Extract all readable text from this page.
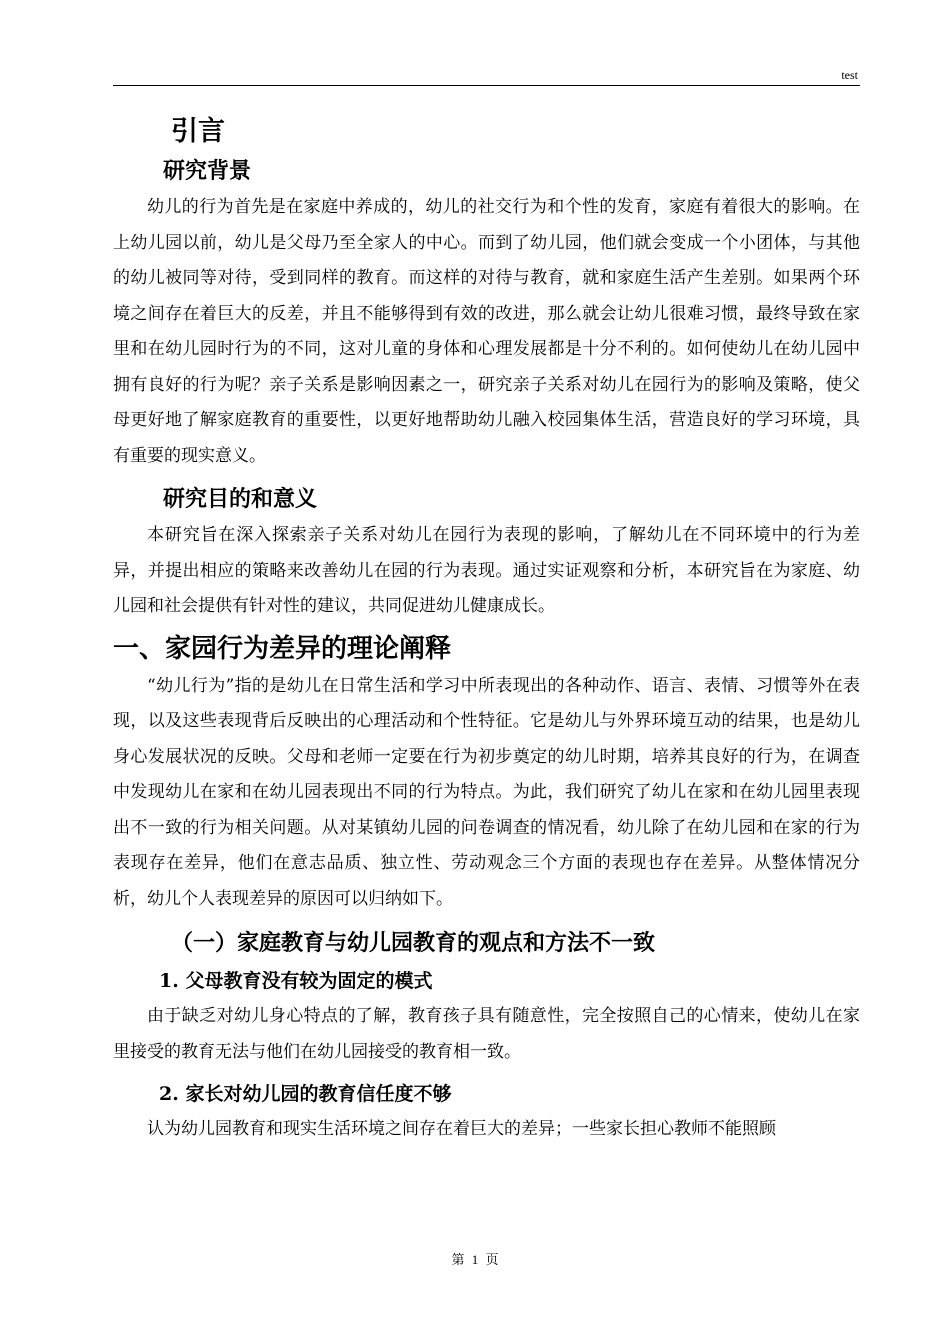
test
引言
研究背景

幼儿的行为首先是在家庭中养成的，幼儿的社交行为和个性的发育，家庭有着很大的影响。在上幼儿园以前，幼儿是父母乃至全家人的中心。而到了幼儿园，他们就会变成一个小团体，与其他的幼儿被同等对待，受到同样的教育。而这样的对待与教育，就和家庭生活产生差别。如果两个环境之间存在着巨大的反差，并且不能够得到有效的改进，那么就会让幼儿很难习惯，最终导致在家里和在幼儿园时行为的不同，这对儿童的身体和心理发展都是十分不利的。如何使幼儿在幼儿园中拥有良好的行为呢？亲子关系是影响因素之一，研究亲子关系对幼儿在园行为的影响及策略，使父母更好地了解家庭教育的重要性，以更好地帮助幼儿融入校园集体生活，营造良好的学习环境，具有重要的现实意义。

研究目的和意义

本研究旨在深入探索亲子关系对幼儿在园行为表现的影响，了解幼儿在不同环境中的行为差异，并提出相应的策略来改善幼儿在园的行为表现。通过实证观察和分析，本研究旨在为家庭、幼儿园和社会提供有针对性的建议，共同促进幼儿健康成长。

一、家园行为差异的理论阐释

“幼儿行为”指的是幼儿在日常生活和学习中所表现出的各种动作、语言、表情、习惯等外在表现，以及这些表现背后反映出的心理活动和个性特征。它是幼儿与外界环境互动的结果，也是幼儿身心发展状况的反映。父母和老师一定要在行为初步奠定的幼儿时期，培养其良好的行为，在调查中发现幼儿在家和在幼儿园表现出不同的行为特点。为此，我们研究了幼儿在家和在幼儿园里表现出不一致的行为相关问题。从对某镇幼儿园的问卷调查的情况看，幼儿除了在幼儿园和在家的行为表现存在差异，他们在意志品质、独立性、劳动观念三个方面的表现也存在差异。从整体情况分析，幼儿个人表现差异的原因可以归纳如下。

（一）家庭教育与幼儿园教育的观点和方法不一致
1. 父母教育没有较为固定的模式

由于缺乏对幼儿身心特点的了解，教育孩子具有随意性，完全按照自己的心情来，使幼儿在家里接受的教育无法与他们在幼儿园接受的教育相一致。

2. 家长对幼儿园的教育信任度不够

认为幼儿园教育和现实生活环境之间存在着巨大的差异；一些家长担心教师不能照顾

第 1 页
